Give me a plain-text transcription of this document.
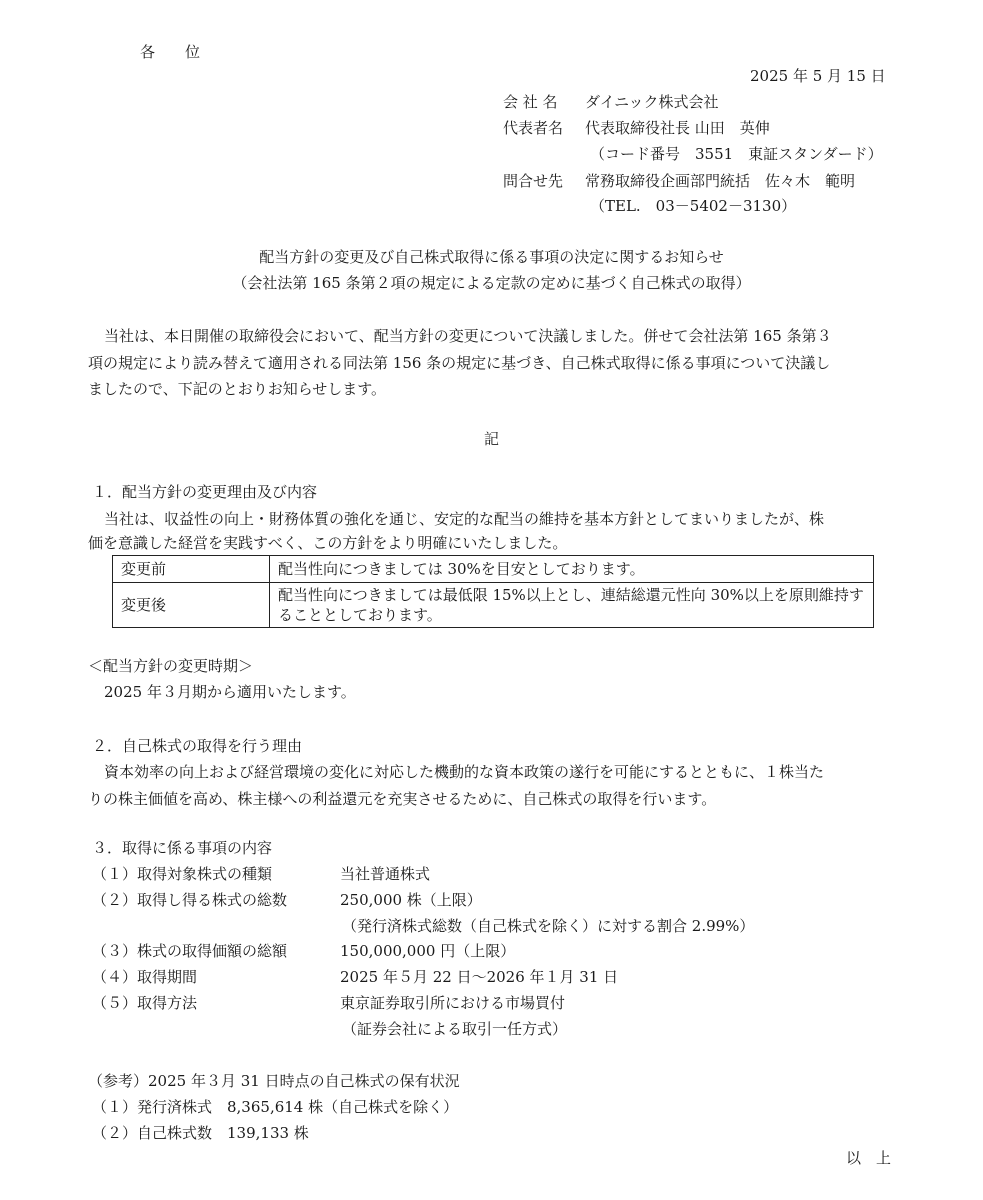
各　　位
2025 年 5 月 15 日
会 社 名	ダイニック株式会社
代表者名	代表取締役社長 山田　英伸
（コード番号　3551　東証スタンダード）
問合せ先	常務取締役企画部門統括　佐々木　範明
（TEL.　03－5402－3130）
配当方針の変更及び自己株式取得に係る事項の決定に関するお知らせ
（会社法第 165 条第２項の規定による定款の定めに基づく自己株式の取得）
当社は、本日開催の取締役会において、配当方針の変更について決議しました。併せて会社法第 165 条第３
項の規定により読み替えて適用される同法第 156 条の規定に基づき、自己株式取得に係る事項について決議し
ましたので、下記のとおりお知らせします。
記
１．配当方針の変更理由及び内容
当社は、収益性の向上・財務体質の強化を通じ、安定的な配当の維持を基本方針としてまいりましたが、株
価を意識した経営を実践すべく、この方針をより明確にいたしました。
変更前	配当性向につきましては 30%を目安としております。
変更後	配当性向につきましては最低限 15%以上とし、連結総還元性向 30%以上を原則維持することとしております。
＜配当方針の変更時期＞
2025 年３月期から適用いたします。
２．自己株式の取得を行う理由
資本効率の向上および経営環境の変化に対応した機動的な資本政策の遂行を可能にするとともに、１株当た
りの株主価値を高め、株主様への利益還元を充実させるために、自己株式の取得を行います。
３．取得に係る事項の内容
（１）取得対象株式の種類	当社普通株式
（２）取得し得る株式の総数	250,000 株（上限）
（発行済株式総数（自己株式を除く）に対する割合 2.99%）
（３）株式の取得価額の総額	150,000,000 円（上限）
（４）取得期間	2025 年５月 22 日～2026 年１月 31 日
（５）取得方法	東京証券取引所における市場買付
（証券会社による取引一任方式）
（参考）2025 年３月 31 日時点の自己株式の保有状況
（１）発行済株式　8,365,614 株（自己株式を除く）
（２）自己株式数　139,133 株
以　上
